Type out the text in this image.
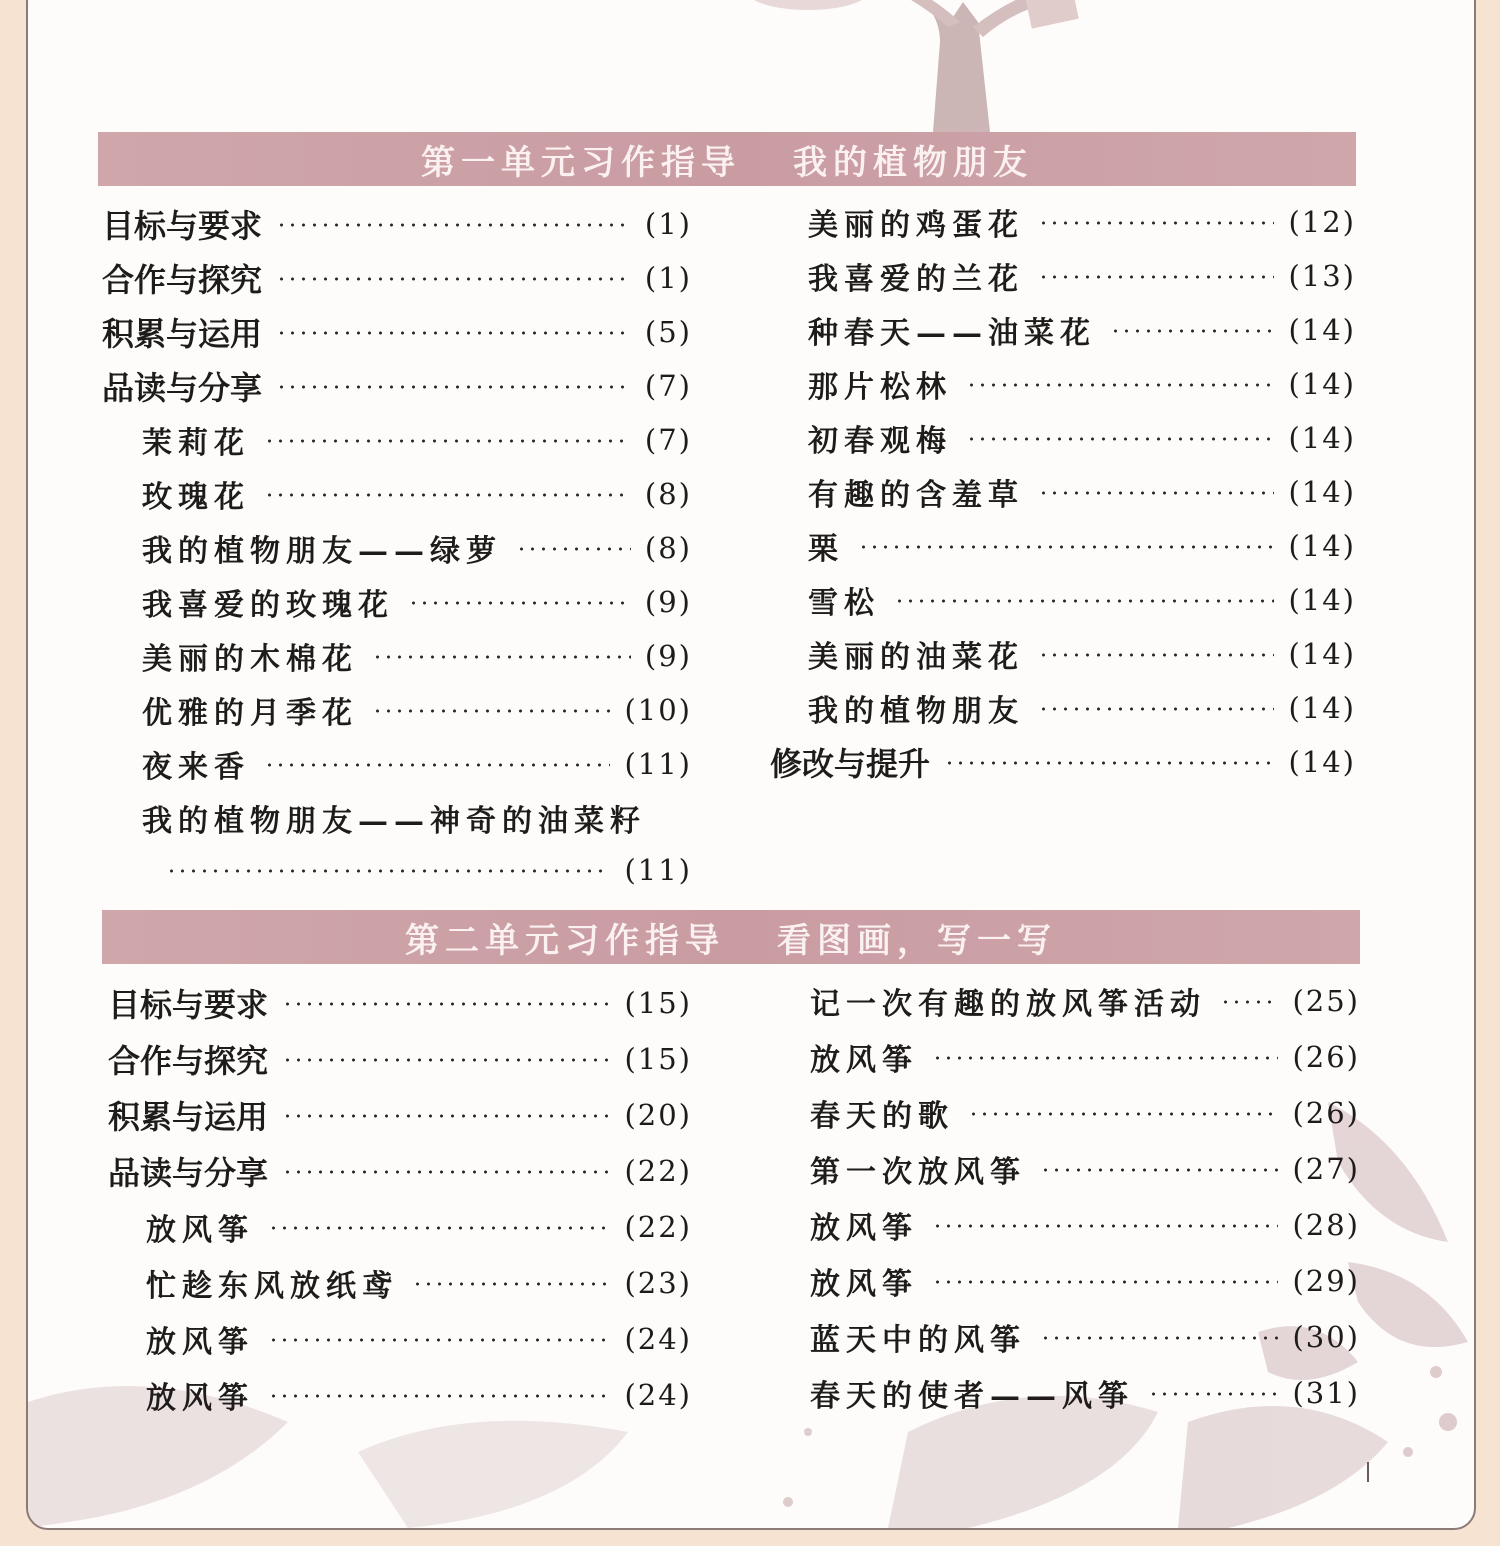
第一单元习作指导 我的植物朋友
目标与要求	(1)
合作与探究	(1)
积累与运用	(5)
品读与分享	(7)
茉莉花	(7)
玫瑰花	(8)
我的植物朋友——绿萝	(8)
我喜爱的玫瑰花	(9)
美丽的木棉花	(9)
优雅的月季花	(10)
夜来香	(11)
我的植物朋友——神奇的油菜籽
(11)
美丽的鸡蛋花	(12)
我喜爱的兰花	(13)
种春天——油菜花	(14)
那片松林	(14)
初春观梅	(14)
有趣的含羞草	(14)
栗	(14)
雪松	(14)
美丽的油菜花	(14)
我的植物朋友	(14)
修改与提升	(14)
第二单元习作指导 看图画，写一写
目标与要求	(15)
合作与探究	(15)
积累与运用	(20)
品读与分享	(22)
放风筝	(22)
忙趁东风放纸鸢	(23)
放风筝	(24)
放风筝	(24)
记一次有趣的放风筝活动	(25)
放风筝	(26)
春天的歌	(26)
第一次放风筝	(27)
放风筝	(28)
放风筝	(29)
蓝天中的风筝	(30)
春天的使者——风筝	(31)
